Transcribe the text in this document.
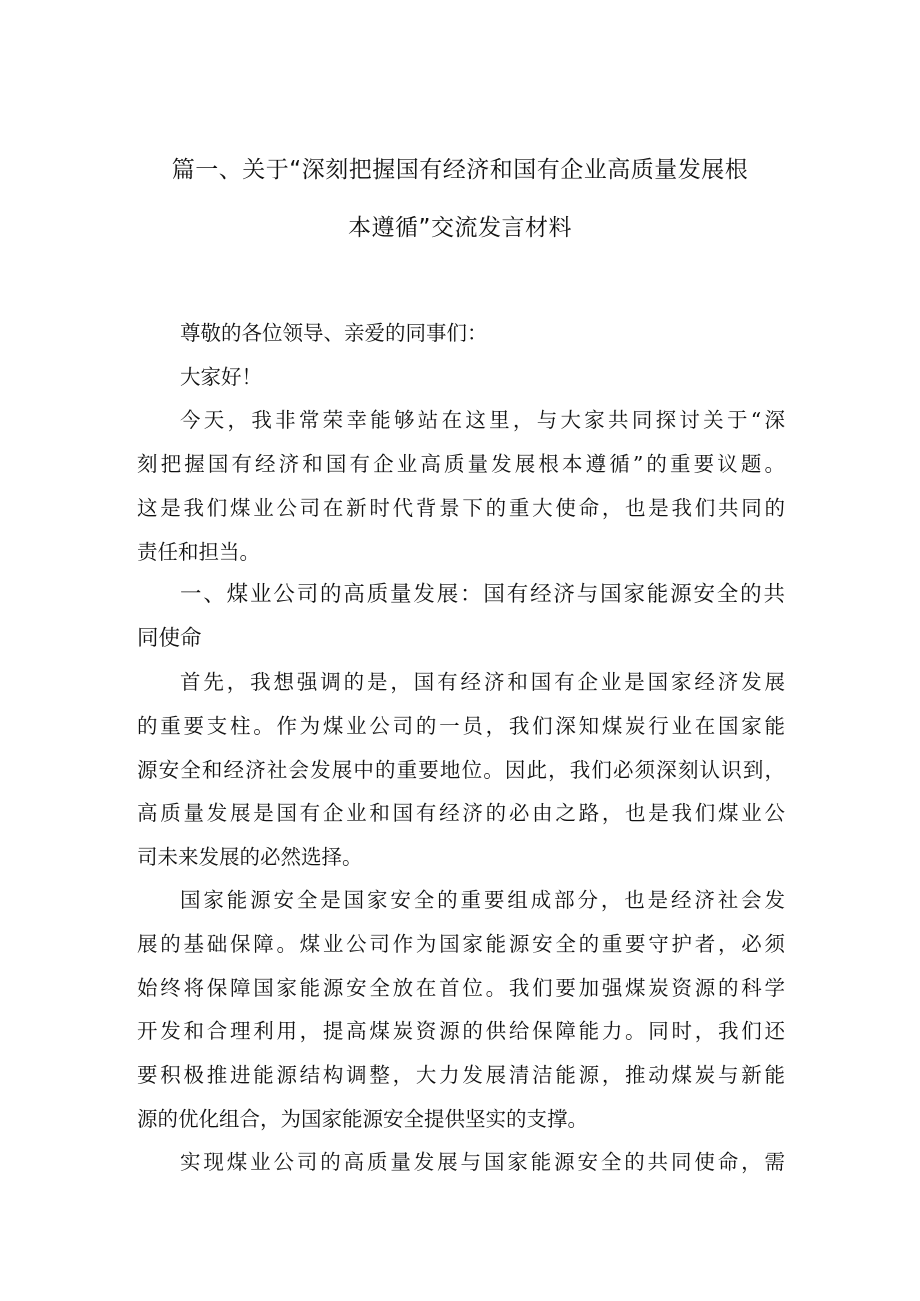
篇一、关于“深刻把握国有经济和国有企业高质量发展根
本遵循”交流发言材料
尊敬的各位领导、亲爱的同事们：
大家好！
今天，我非常荣幸能够站在这里，与大家共同探讨关于“深
刻把握国有经济和国有企业高质量发展根本遵循”的重要议题。
这是我们煤业公司在新时代背景下的重大使命，也是我们共同的
责任和担当。
一、煤业公司的高质量发展：国有经济与国家能源安全的共
同使命
首先，我想强调的是，国有经济和国有企业是国家经济发展
的重要支柱。作为煤业公司的一员，我们深知煤炭行业在国家能
源安全和经济社会发展中的重要地位。因此，我们必须深刻认识到，
高质量发展是国有企业和国有经济的必由之路，也是我们煤业公
司未来发展的必然选择。
国家能源安全是国家安全的重要组成部分，也是经济社会发
展的基础保障。煤业公司作为国家能源安全的重要守护者，必须
始终将保障国家能源安全放在首位。我们要加强煤炭资源的科学
开发和合理利用，提高煤炭资源的供给保障能力。同时，我们还
要积极推进能源结构调整，大力发展清洁能源，推动煤炭与新能
源的优化组合，为国家能源安全提供坚实的支撑。
实现煤业公司的高质量发展与国家能源安全的共同使命，需
